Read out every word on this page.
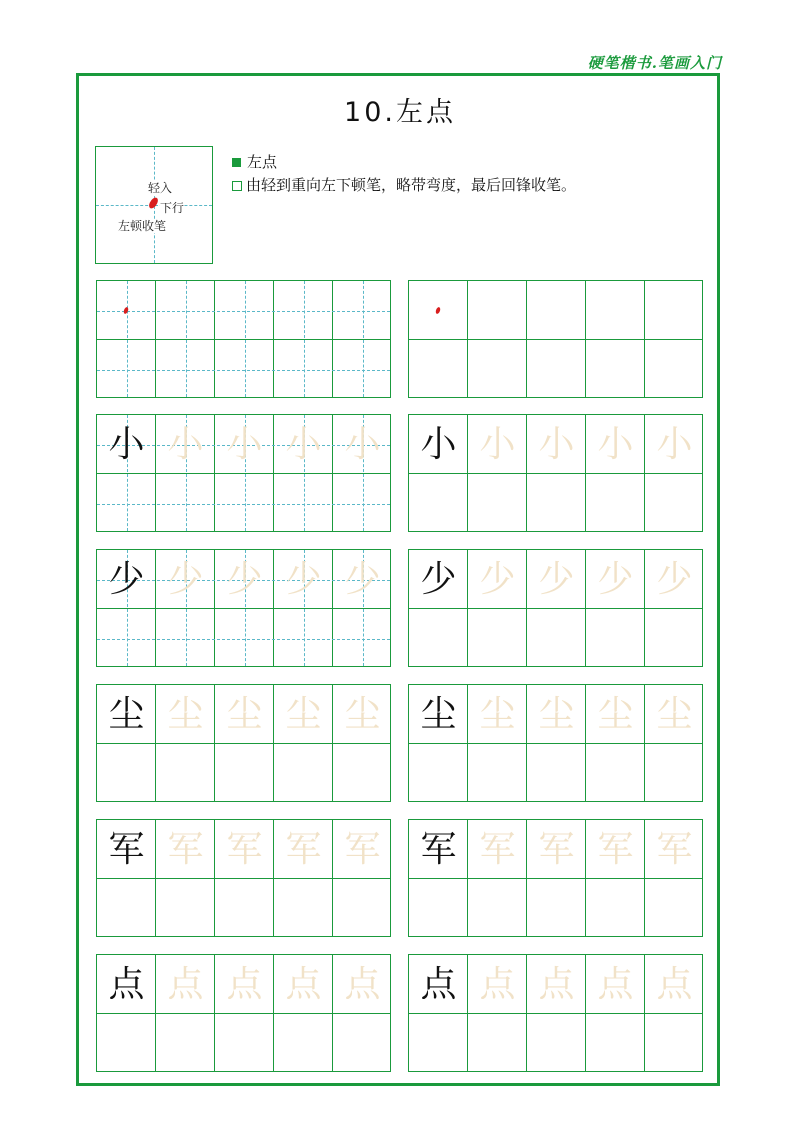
硬笔楷书.笔画入门
10.左点
轻入
下行
左顿收笔
左点
由轻到重向左下顿笔，略带弯度，最后回锋收笔。
小 小 小 小 小	小 小 小 小 小
少 少 少 少 少	少 少 少 少 少
尘 尘 尘 尘 尘	尘 尘 尘 尘 尘
军 军 军 军 军	军 军 军 军 军
点 点 点 点 点	点 点 点 点 点
